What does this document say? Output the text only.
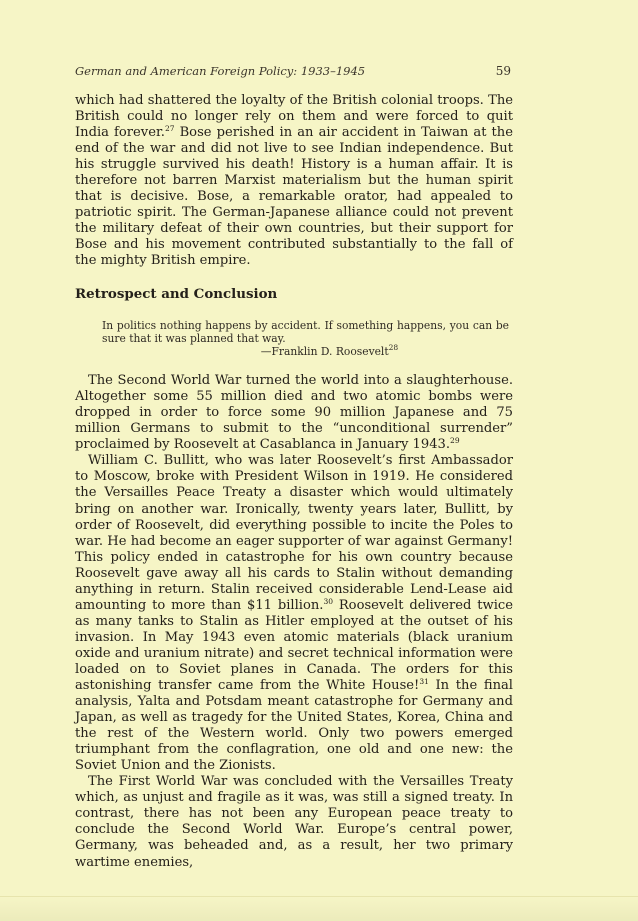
German and American Foreign Policy: 1933–1945	59

which had shattered the loyalty of the British colonial troops. The British could no longer rely on them and were forced to quit India forever.$^{27}$ Bose perished in an air accident in Taiwan at the end of the war and did not live to see Indian independence. But his struggle survived his death! History is a human affair. It is therefore not barren Marxist materialism but the human spirit that is decisive. Bose, a remarkable orator, had appealed to patriotic spirit. The German-Japanese alliance could not prevent the military defeat of their own countries, but their support for Bose and his movement contributed substantially to the fall of the mighty British empire.

Retrospect and Conclusion

In politics nothing happens by accident. If something happens, you can be sure that it was planned that way.

—Franklin D. Roosevelt$^{28}$

The Second World War turned the world into a slaughterhouse. Altogether some 55 million died and two atomic bombs were dropped in order to force some 90 million Japanese and 75 million Germans to submit to the “unconditional surrender” proclaimed by Roosevelt at Casablanca in January 1943.29

William C. Bullitt, who was later Roosevelt’s first Ambassador to Moscow, broke with President Wilson in 1919. He considered the Versailles Peace Treaty a disaster which would ultimately bring on another war. Ironically, twenty years later, Bullitt, by order of Roosevelt, did everything possible to incite the Poles to war. He had become an eager supporter of war against Germany! This policy ended in catastrophe for his own country because Roosevelt gave away all his cards to Stalin without demanding anything in return. Stalin received considerable Lend-Lease aid amounting to more than $11 billion.$^{30}$ Roosevelt delivered twice as many tanks to Stalin as Hitler employed at the outset of his invasion. In May 1943 even atomic materials (black uranium oxide and uranium nitrate) and secret technical information were loaded on to Soviet planes in Canada. The orders for this astonishing transfer came from the White House!$^{31}$ In the final analysis, Yalta and Potsdam meant catastrophe for Germany and Japan, as well as tragedy for the United States, Korea, China and the rest of the Western world. Only two powers emerged triumphant from the conflagration, one old and one new: the Soviet Union and the Zionists.

The First World War was concluded with the Versailles Treaty which, as unjust and fragile as it was, was still a signed treaty. In contrast, there has not been any European peace treaty to conclude the Second World War. Europe’s central power, Germany, was beheaded and, as a result, her two primary wartime enemies,
